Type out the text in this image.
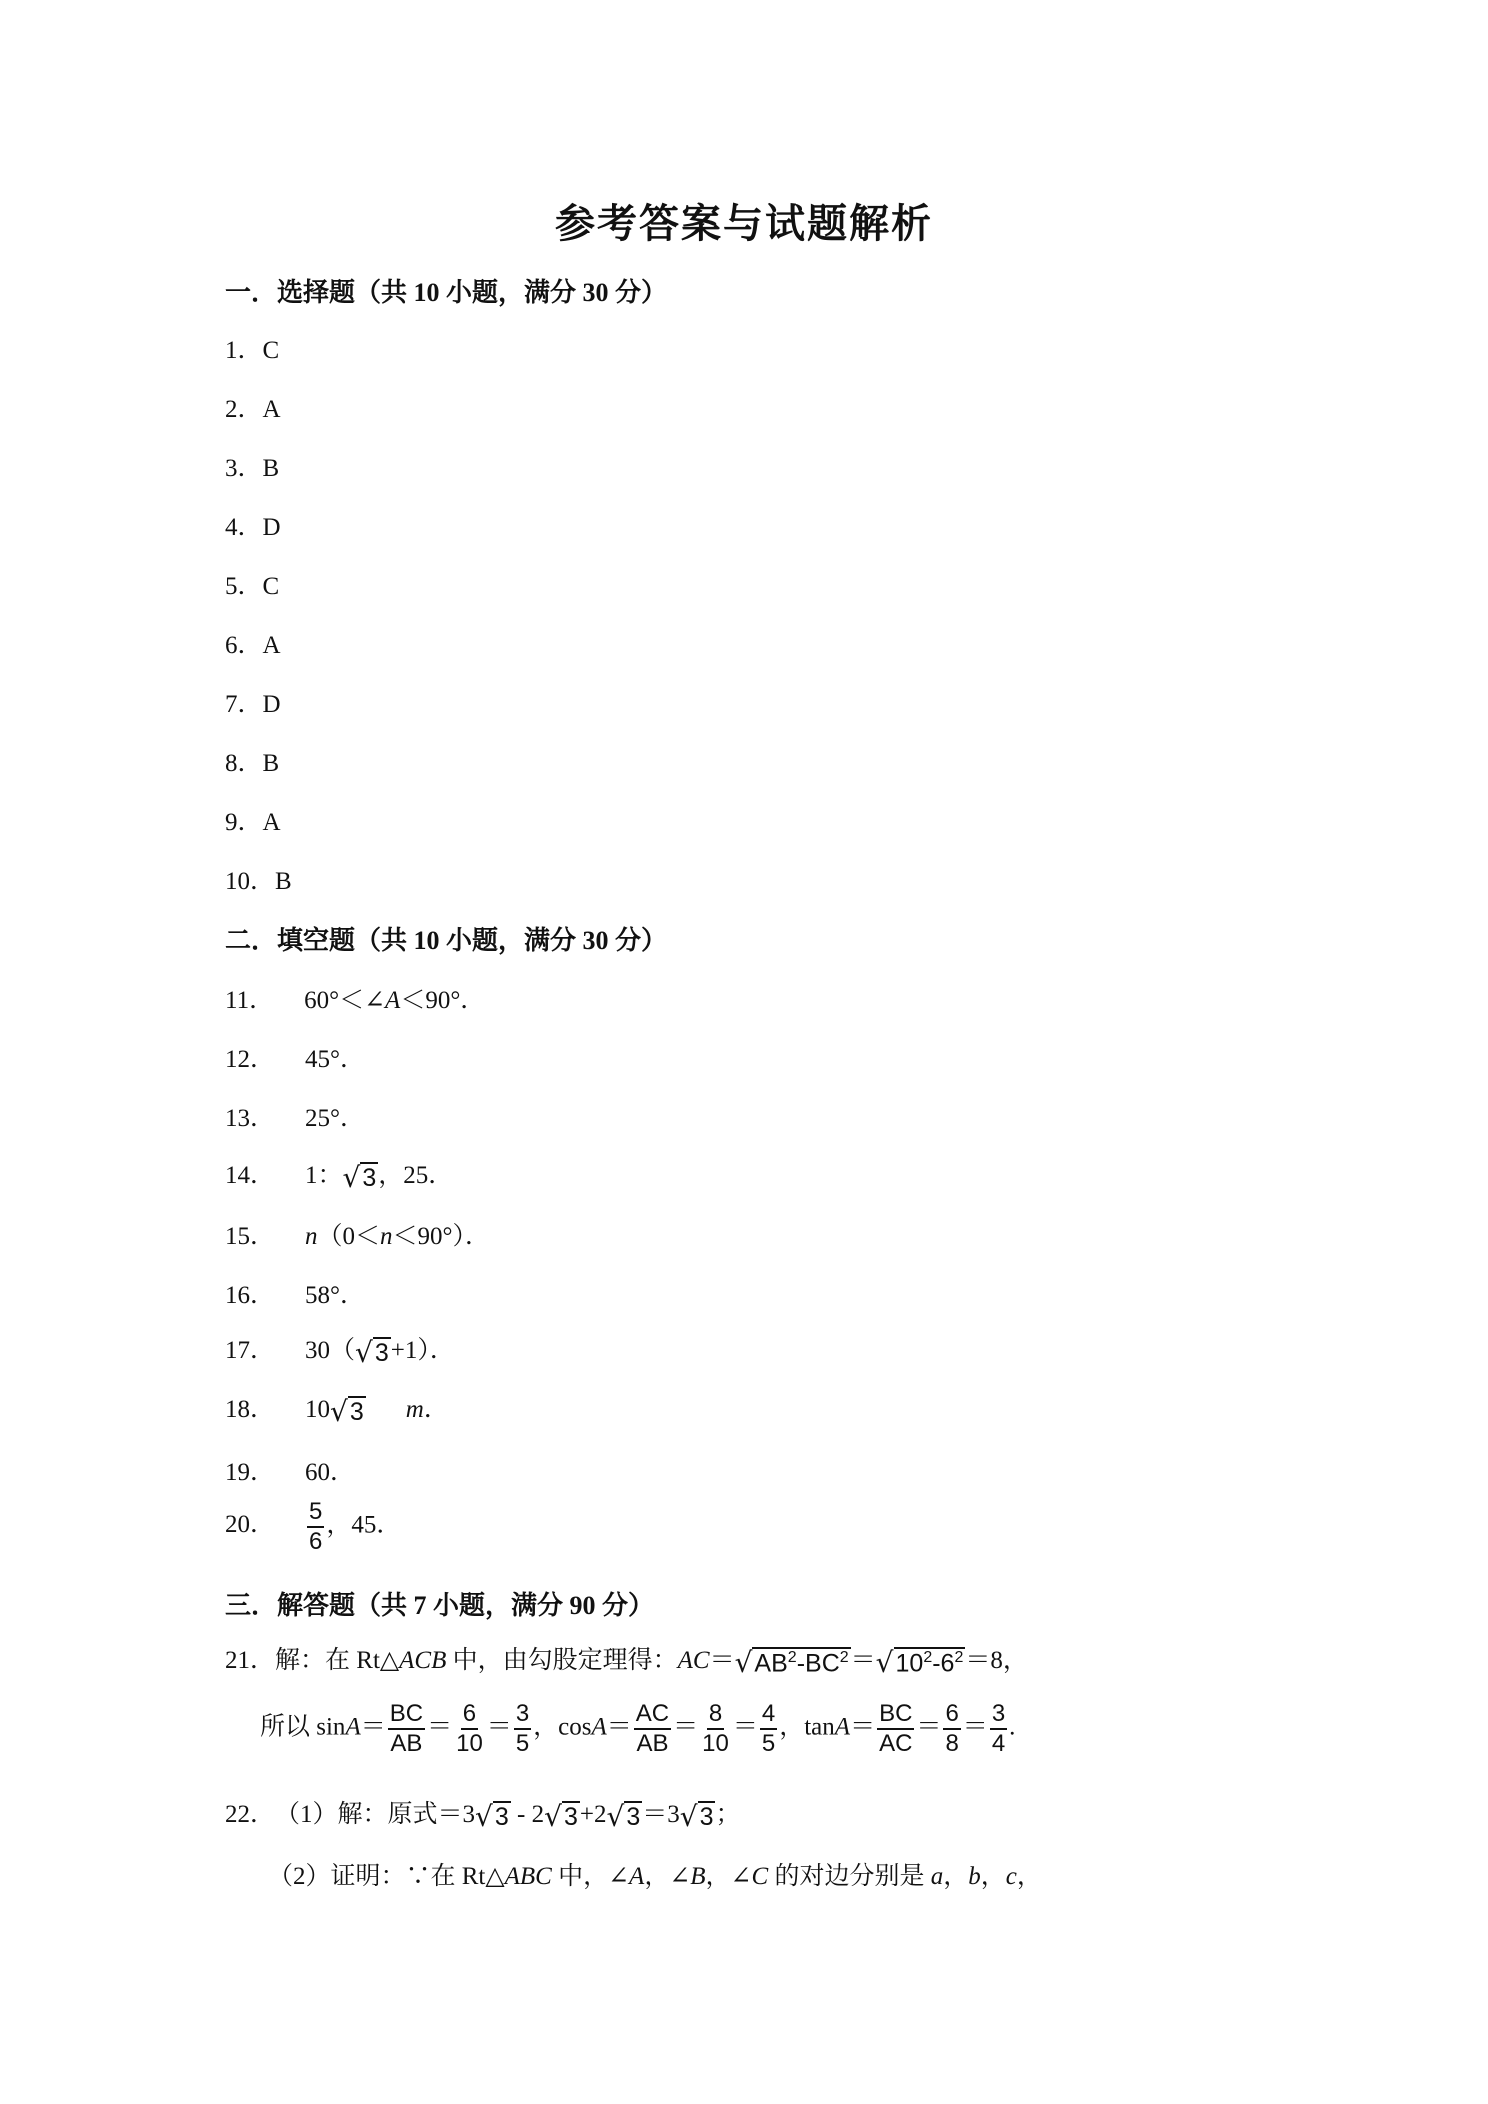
参考答案与试题解析
一．选择题（共 10 小题，满分 30 分）
1．C
2．A
3．B
4．D
5．C
6．A
7．D
8．B
9．A
10．B
二．填空题（共 10 小题，满分 30 分）
11． 60°＜∠A＜90°．
12． 45°．
13． 25°．
14． 1：√3，25．
15． n（0＜n＜90°）．
16． 58°．
17． 30（√3+1）．
18． 10√3 m．
19． 60．
20． $\frac{5}{6}$ ，45．
三．解答题（共 7 小题，满分 90 分）
21．解：在 Rt△ACB 中，由勾股定理得：$AC=√AB^2-BC^2=√10^2-6^2=8$，
所以 $\sin A= \frac{BC}{AB} = \frac{6}{10} = \frac{3}{5}$ ，$\cos A= \frac{AC}{AB} = \frac{8}{10} = \frac{4}{5}$ ，$\tan A= \frac{BC}{AC} = \frac{6}{8} = \frac{3}{4}$ .
22．（1）解：原式＝3√3 - 2√3+2√3＝3√3；
（2）证明：∵在 Rt△ABC 中，∠A，∠B，∠C 的对边分别是 a，b，c，
